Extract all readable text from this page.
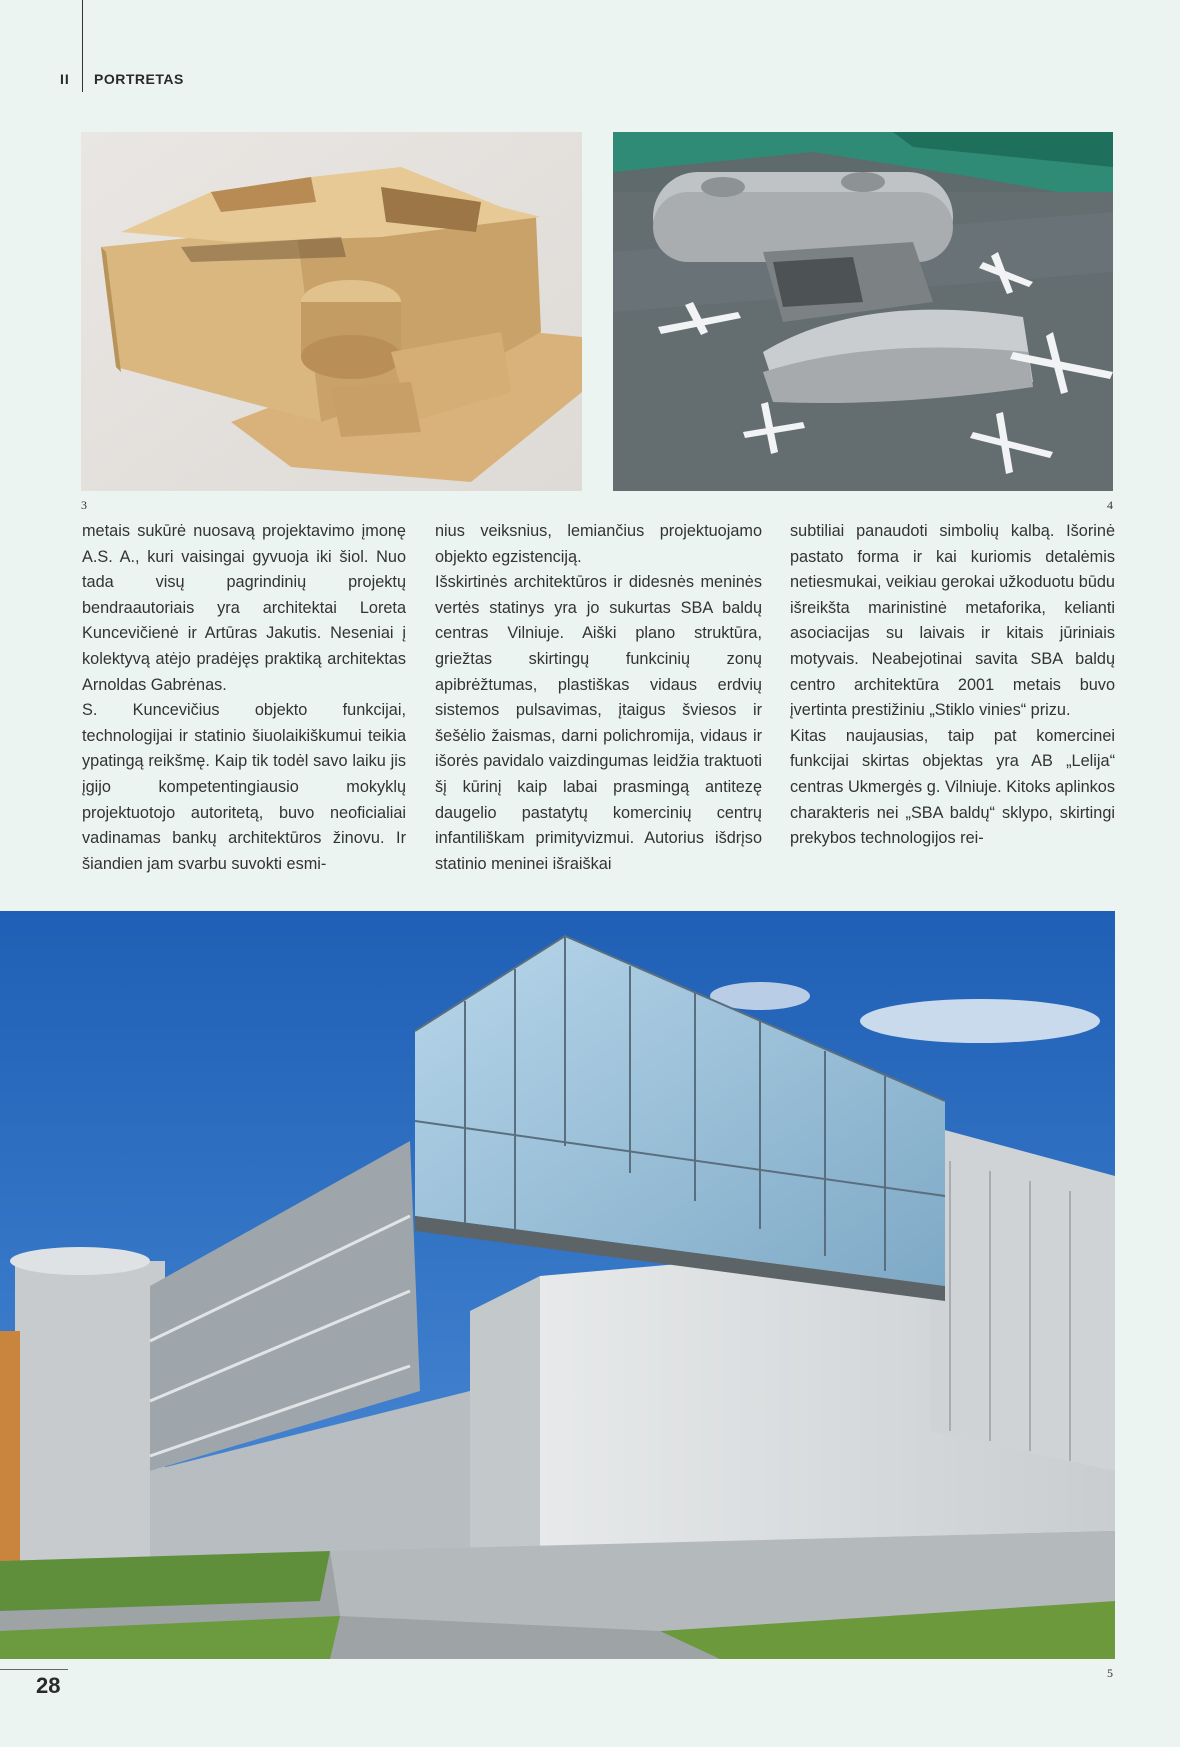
II PORTRETAS
3	4

metais sukūrė nuosavą projektavimo įmonę A.S. A., kuri vaisingai gyvuoja iki šiol. Nuo tada visų pagrindinių projektų bendraautoriais yra architektai Loreta Kuncevičienė ir Artūras Jakutis. Neseniai į kolektyvą atėjo pradėjęs praktiką architektas Arnoldas Gabrėnas.

S. Kuncevičius objekto funkcijai, technologijai ir statinio šiuolaikiškumui teikia ypatingą reikšmę. Kaip tik todėl savo laiku jis įgijo kompetentingiausio mokyklų projektuotojo autoritetą, buvo neoficialiai vadinamas bankų architektūros žinovu. Ir šiandien jam svarbu suvokti esmi-

nius veiksnius, lemiančius projektuojamo objekto egzistenciją.

Išskirtinės architektūros ir didesnės meninės vertės statinys yra jo sukurtas SBA baldų centras Vilniuje. Aiški plano struktūra, griežtas skirtingų funkcinių zonų apibrėžtumas, plastiškas vidaus erdvių sistemos pulsavimas, įtaigus šviesos ir šešėlio žaismas, darni polichromija, vidaus ir išorės pavidalo vaizdingumas leidžia traktuoti šį kūrinį kaip labai prasmingą antitezę daugelio pastatytų komercinių centrų infantiliškam primityvizmui. Autorius išdrįso statinio meninei išraiškai

subtiliai panaudoti simbolių kalbą. Išorinė pastato forma ir kai kuriomis detalėmis netiesmukai, veikiau gerokai užkoduotu būdu išreikšta marinistinė metaforika, kelianti asociacijas su laivais ir kitais jūriniais motyvais. Neabejotinai savita SBA baldų centro architektūra 2001 metais buvo įvertinta prestižiniu „Stiklo vinies“ prizu.

Kitas naujausias, taip pat komercinei funkcijai skirtas objektas yra AB „Lelija“ centras Ukmergės g. Vilniuje. Kitoks aplinkos charakteris nei „SBA baldų“ sklypo, skirtingi prekybos technologijos rei-

5
28
